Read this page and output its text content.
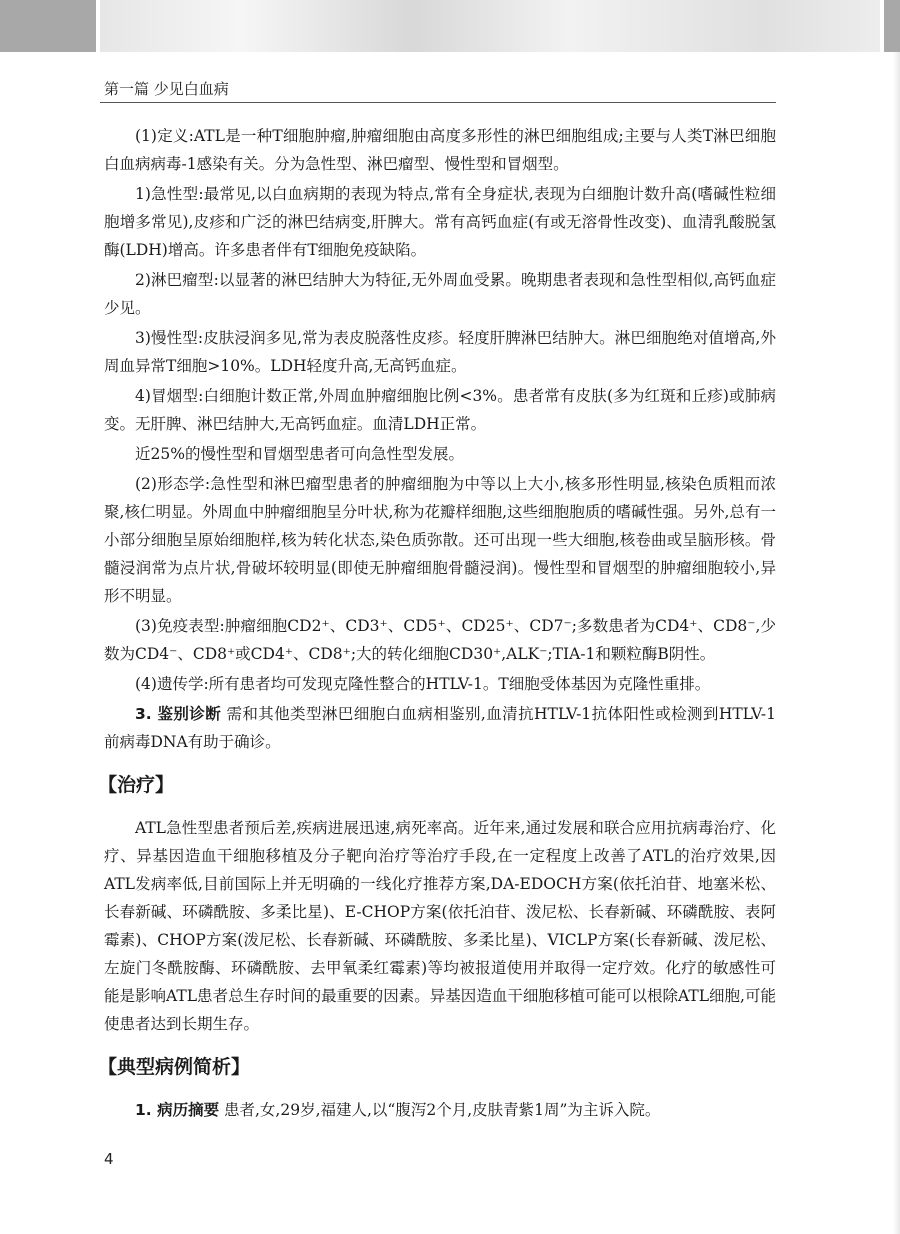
第一篇 少见白血病

(1)定义:ATL是一种T细胞肿瘤,肿瘤细胞由高度多形性的淋巴细胞组成;主要与人类T淋巴细胞白血病病毒-1感染有关。分为急性型、淋巴瘤型、慢性型和冒烟型。

1)急性型:最常见,以白血病期的表现为特点,常有全身症状,表现为白细胞计数升高(嗜碱性粒细胞增多常见),皮疹和广泛的淋巴结病变,肝脾大。常有高钙血症(有或无溶骨性改变)、血清乳酸脱氢酶(LDH)增高。许多患者伴有T细胞免疫缺陷。

2)淋巴瘤型:以显著的淋巴结肿大为特征,无外周血受累。晚期患者表现和急性型相似,高钙血症少见。

3)慢性型:皮肤浸润多见,常为表皮脱落性皮疹。轻度肝脾淋巴结肿大。淋巴细胞绝对值增高,外周血异常T细胞>10%。LDH轻度升高,无高钙血症。

4)冒烟型:白细胞计数正常,外周血肿瘤细胞比例<3%。患者常有皮肤(多为红斑和丘疹)或肺病变。无肝脾、淋巴结肿大,无高钙血症。血清LDH正常。

近25%的慢性型和冒烟型患者可向急性型发展。

(2)形态学:急性型和淋巴瘤型患者的肿瘤细胞为中等以上大小,核多形性明显,核染色质粗而浓聚,核仁明显。外周血中肿瘤细胞呈分叶状,称为花瓣样细胞,这些细胞胞质的嗜碱性强。另外,总有一小部分细胞呈原始细胞样,核为转化状态,染色质弥散。还可出现一些大细胞,核卷曲或呈脑形核。骨髓浸润常为点片状,骨破坏较明显(即使无肿瘤细胞骨髓浸润)。慢性型和冒烟型的肿瘤细胞较小,异形不明显。

(3)免疫表型:肿瘤细胞CD2⁺、CD3⁺、CD5⁺、CD25⁺、CD7⁻;多数患者为CD4⁺、CD8⁻,少数为CD4⁻、CD8⁺或CD4⁺、CD8⁺;大的转化细胞CD30⁺,ALK⁻;TIA-1和颗粒酶B阴性。

(4)遗传学:所有患者均可发现克隆性整合的HTLV-1。T细胞受体基因为克隆性重排。

3. 鉴别诊断 需和其他类型淋巴细胞白血病相鉴别,血清抗HTLV-1抗体阳性或检测到HTLV-1前病毒DNA有助于确诊。

【治疗】

ATL急性型患者预后差,疾病进展迅速,病死率高。近年来,通过发展和联合应用抗病毒治疗、化疗、异基因造血干细胞移植及分子靶向治疗等治疗手段,在一定程度上改善了ATL的治疗效果,因ATL发病率低,目前国际上并无明确的一线化疗推荐方案,DA-EDOCH方案(依托泊苷、地塞米松、长春新碱、环磷酰胺、多柔比星)、E-CHOP方案(依托泊苷、泼尼松、长春新碱、环磷酰胺、表阿霉素)、CHOP方案(泼尼松、长春新碱、环磷酰胺、多柔比星)、VICLP方案(长春新碱、泼尼松、左旋门冬酰胺酶、环磷酰胺、去甲氧柔红霉素)等均被报道使用并取得一定疗效。化疗的敏感性可能是影响ATL患者总生存时间的最重要的因素。异基因造血干细胞移植可能可以根除ATL细胞,可能使患者达到长期生存。

【典型病例简析】

1. 病历摘要 患者,女,29岁,福建人,以“腹泻2个月,皮肤青紫1周”为主诉入院。

4
